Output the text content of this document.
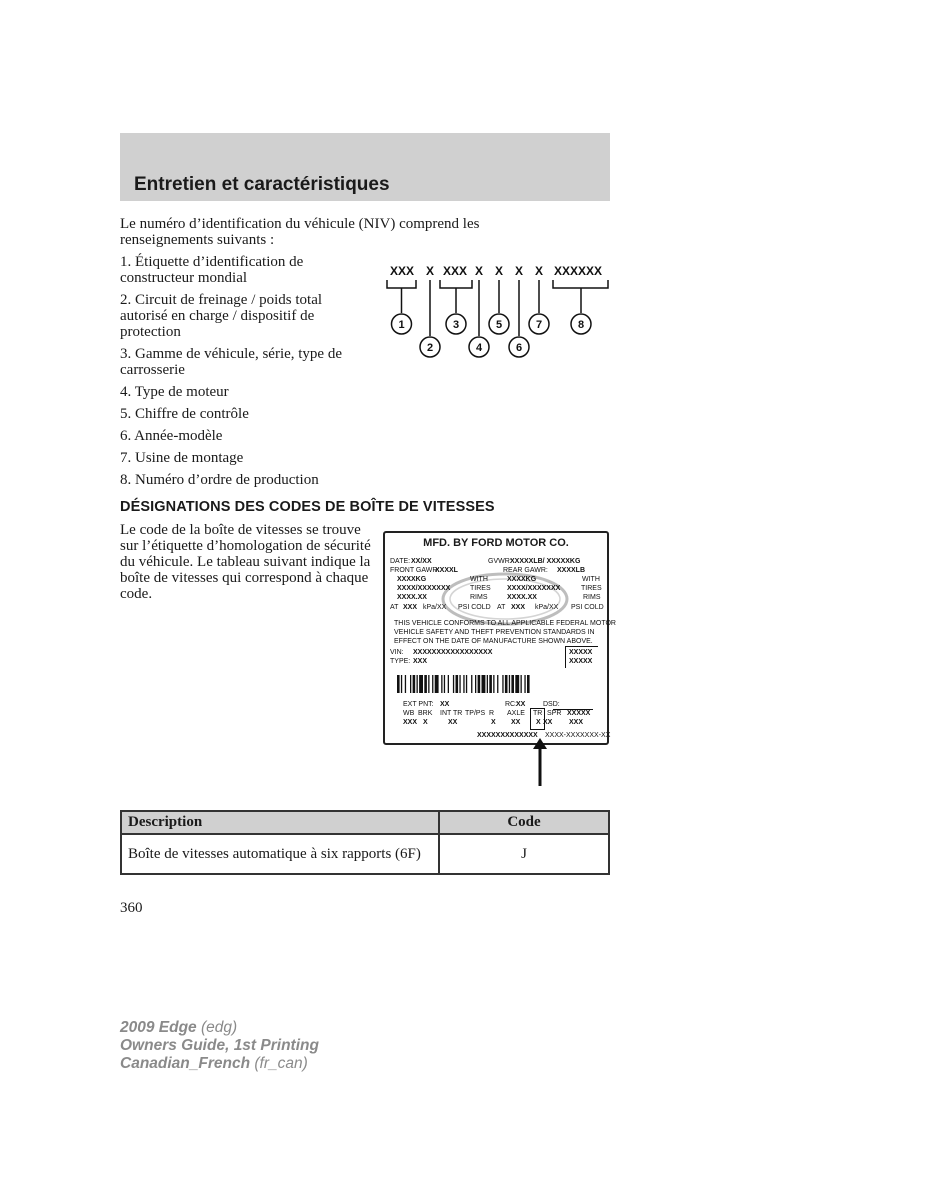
Entretien et caractéristiques

Le numéro d’identification du véhicule (NIV) comprend les renseignements suivants :

1. Étiquette d’identification de constructeur mondial
2. Circuit de freinage / poids total autorisé en charge / dispositif de protection
3. Gamme de véhicule, série, type de carrosserie
4. Type de moteur
5. Chiffre de contrôle
6. Année-modèle
7. Usine de montage
8. Numéro d’ordre de production
XXX X XXX X X X X XXXXXX
1
2
3
4
5
6
7	8
DÉSIGNATIONS DES CODES DE BOÎTE DE VITESSES

Le code de la boîte de vitesses se trouve sur l’étiquette d’homologation de sécurité du véhicule. Le tableau suivant indique la boîte de vitesses qui correspond à chaque code.

MFD. BY FORD MOTOR CO.
DATE: XX/XX	GVWR:
XXXXXLB/ XXXXXKG
FRONT GAWR:
XXXXL	REAR GAWR: XXXXLB
XXXXKG	WITH	XXXXKG	WITH
XXXX/XXXXXXX	TIRES XXXX/XXXXXXX	TIRES
XXXX.XX	RIMS	XXXX.XX	RIMS
AT XXX kPa/XX PSI COLD AT XXX kPa/XX PSI COLD
THIS VEHICLE CONFORMS TO ALL APPLICABLE FEDERAL MOTOR
VEHICLE SAFETY AND THEFT PREVENTION STANDARDS IN
EFFECT ON THE DATE OF MANUFACTURE SHOWN ABOVE.
VIN: XXXXXXXXXXXXXXXXX
TYPE: XXX
XXXXX
XXXXX
EXT PNT: XX	RC:
XX	DSD:
WB BRK INT TR TP/PS R AXLE TR SPR XXXXX
XXX X	XX	X XX X XX XXX
XXXXXXXXXXXXX XXXX-XXXXXXX-XX
Description	Code
Boîte de vitesses automatique à six rapports (6F)	J
360
2009 Edge (edg)
Owners Guide, 1st Printing
Canadian_French (fr_can)
